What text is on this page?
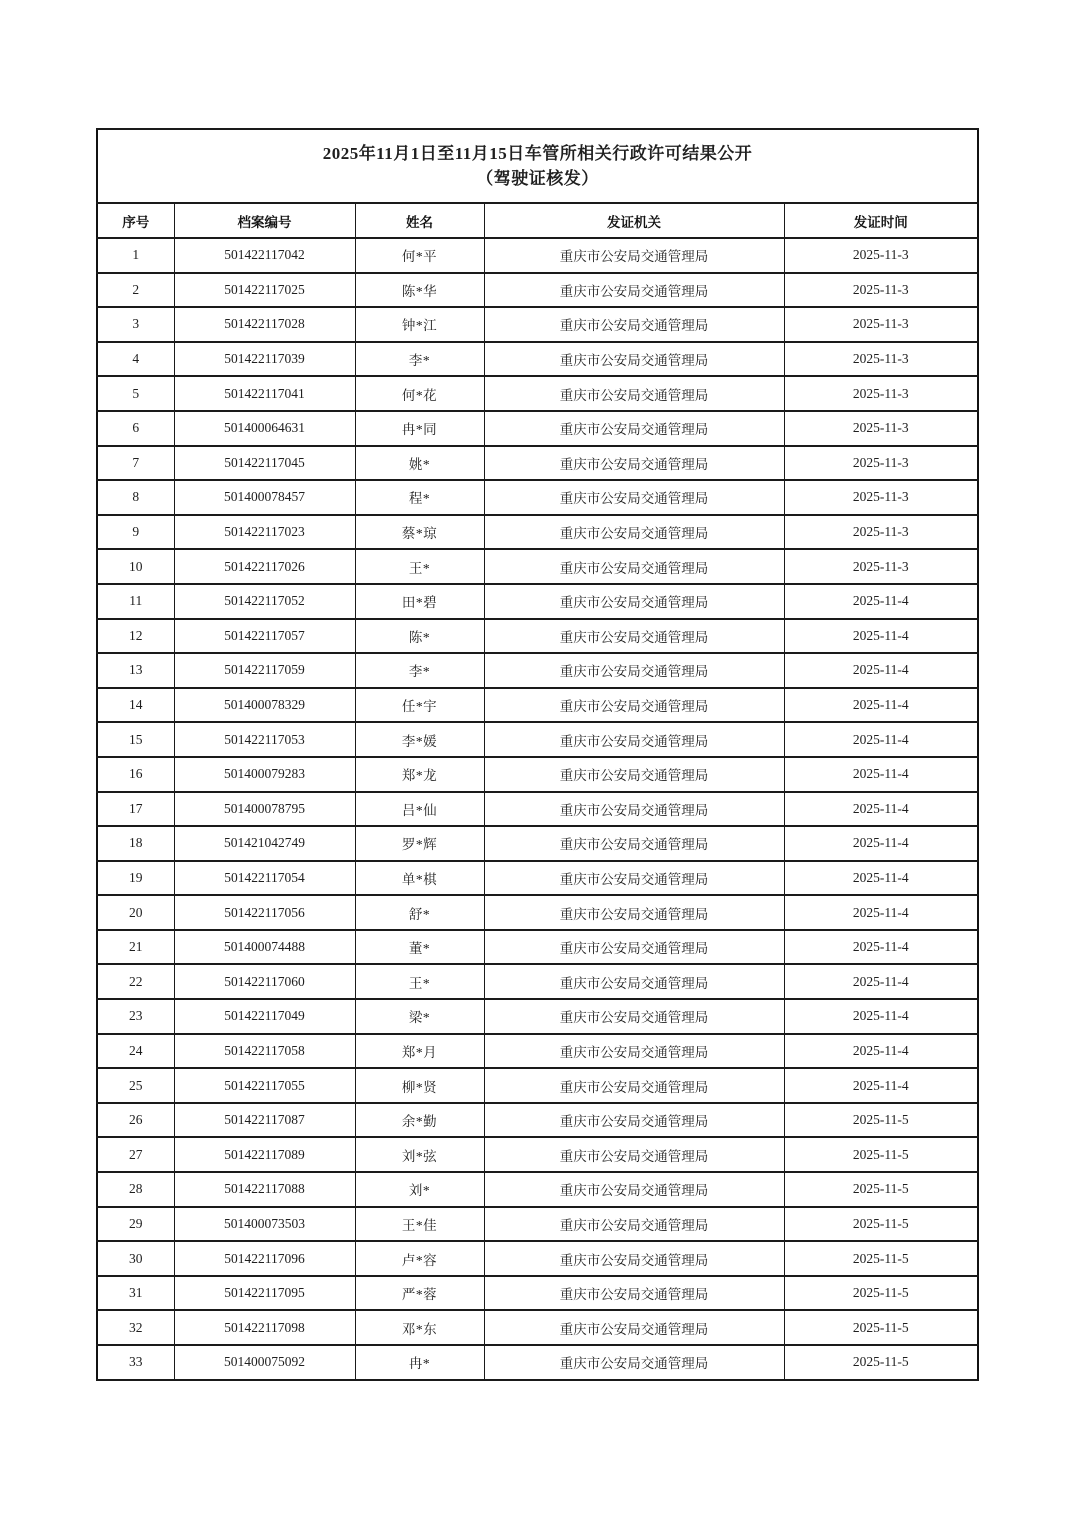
2025年11月1日至11月15日车管所相关行政许可结果公开
（驾驶证核发）				

序号	档案编号	姓名	发证机关	发证时间
1	501422117042	何*平	重庆市公安局交通管理局	2025-11-3
2	501422117025	陈*华	重庆市公安局交通管理局	2025-11-3
3	501422117028	钟*江	重庆市公安局交通管理局	2025-11-3
4	501422117039	李*	重庆市公安局交通管理局	2025-11-3
5	501422117041	何*花	重庆市公安局交通管理局	2025-11-3
6	501400064631	冉*同	重庆市公安局交通管理局	2025-11-3
7	501422117045	姚*	重庆市公安局交通管理局	2025-11-3
8	501400078457	程*	重庆市公安局交通管理局	2025-11-3
9	501422117023	蔡*琼	重庆市公安局交通管理局	2025-11-3
10	501422117026	王*	重庆市公安局交通管理局	2025-11-3
11	501422117052	田*碧	重庆市公安局交通管理局	2025-11-4
12	501422117057	陈*	重庆市公安局交通管理局	2025-11-4
13	501422117059	李*	重庆市公安局交通管理局	2025-11-4
14	501400078329	任*宇	重庆市公安局交通管理局	2025-11-4
15	501422117053	李*媛	重庆市公安局交通管理局	2025-11-4
16	501400079283	郑*龙	重庆市公安局交通管理局	2025-11-4
17	501400078795	吕*仙	重庆市公安局交通管理局	2025-11-4
18	501421042749	罗*辉	重庆市公安局交通管理局	2025-11-4
19	501422117054	单*棋	重庆市公安局交通管理局	2025-11-4
20	501422117056	舒*	重庆市公安局交通管理局	2025-11-4
21	501400074488	董*	重庆市公安局交通管理局	2025-11-4
22	501422117060	王*	重庆市公安局交通管理局	2025-11-4
23	501422117049	梁*	重庆市公安局交通管理局	2025-11-4
24	501422117058	郑*月	重庆市公安局交通管理局	2025-11-4
25	501422117055	柳*贤	重庆市公安局交通管理局	2025-11-4
26	501422117087	余*勤	重庆市公安局交通管理局	2025-11-5
27	501422117089	刘*弦	重庆市公安局交通管理局	2025-11-5
28	501422117088	刘*	重庆市公安局交通管理局	2025-11-5
29	501400073503	王*佳	重庆市公安局交通管理局	2025-11-5
30	501422117096	卢*容	重庆市公安局交通管理局	2025-11-5
31	501422117095	严*蓉	重庆市公安局交通管理局	2025-11-5
32	501422117098	邓*东	重庆市公安局交通管理局	2025-11-5
33	501400075092	冉*	重庆市公安局交通管理局	2025-11-5
